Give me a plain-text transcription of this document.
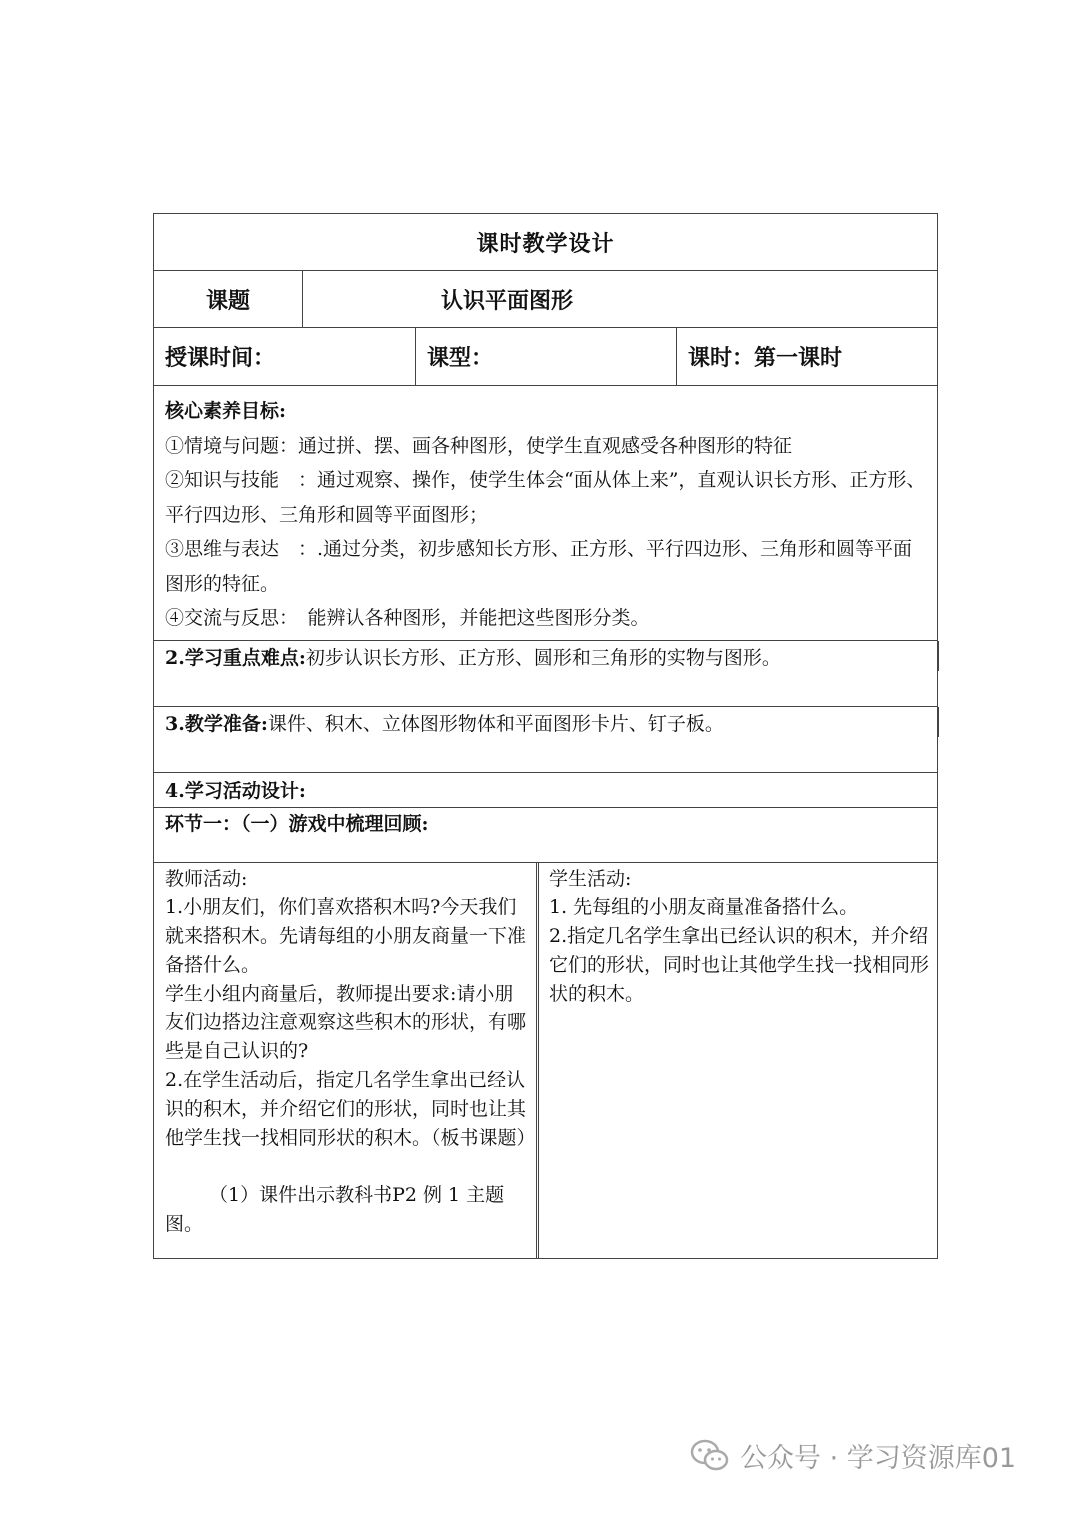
课时教学设计
课题	认识平面图形
授课时间：	课型：	课时：第一课时
核心素养目标:
①情境与问题：通过拼、摆、画各种图形，使学生直观感受各种图形的特征
②知识与技能　：通过观察、操作，使学生体会“面从体上来”，直观认识长方形、正方形、平行四边形、三角形和圆等平面图形；
③思维与表达　：.通过分类，初步感知长方形、正方形、平行四边形、三角形和圆等平面图形的特征。
④交流与反思：　能辨认各种图形，并能把这些图形分类。
2.学习重点难点:初步认识长方形、正方形、圆形和三角形的实物与图形。
3.教学准备:课件、积木、立体图形物体和平面图形卡片、钉子板。
4.学习活动设计:
环节一：（一）游戏中梳理回顾:
教师活动:
1.小朋友们，你们喜欢搭积木吗?今天我们就来搭积木。先请每组的小朋友商量一下准备搭什么。
学生小组内商量后，教师提出要求:请小朋友们边搭边注意观察这些积木的形状，有哪些是自己认识的?
2.在学生活动后，指定几名学生拿出已经认识的积木，并介绍它们的形状，同时也让其他学生找一找相同形状的积木。（板书课题）
（1）课件出示教科书P2 例 1 主题图。
学生活动:
1. 先每组的小朋友商量准备搭什么。
2.指定几名学生拿出已经认识的积木，并介绍它们的形状，同时也让其他学生找一找相同形状的积木。
公众号 · 学习资源库01
